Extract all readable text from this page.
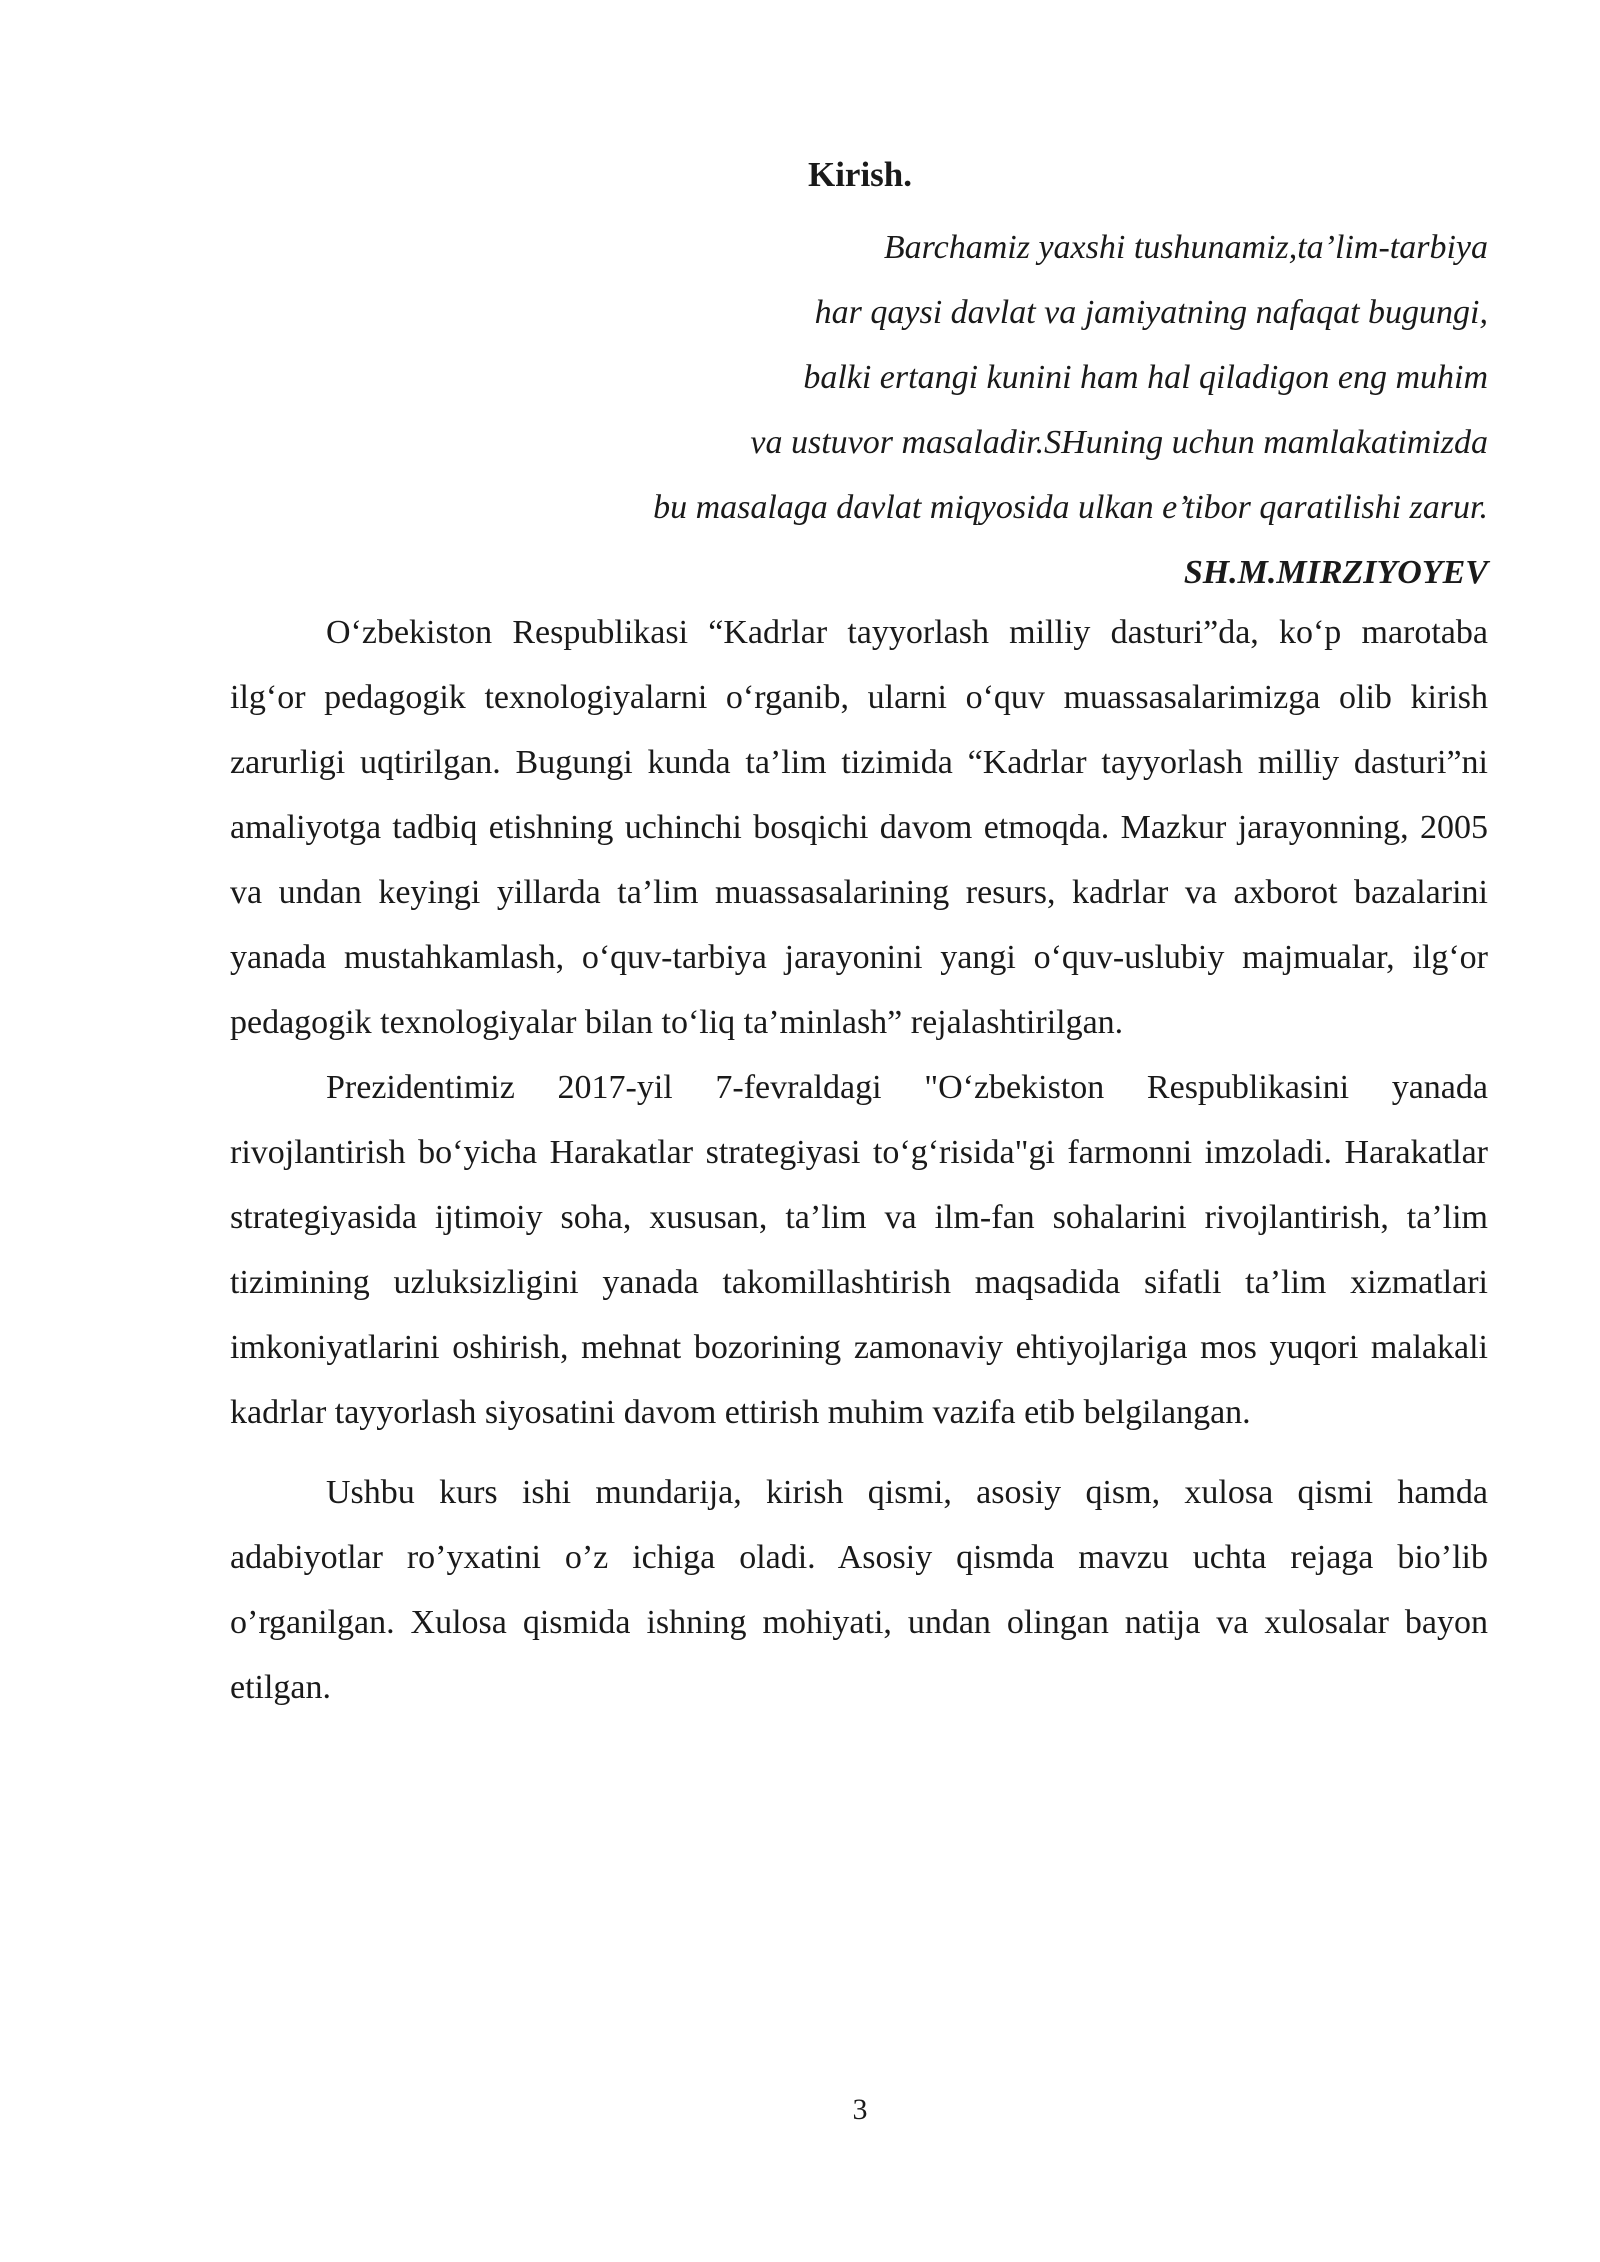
Kirish.
Barchamiz yaxshi tushunamiz,ta’lim-tarbiya
har qaysi davlat va jamiyatning nafaqat bugungi,
balki ertangi kunini ham hal qiladigon eng muhim
va ustuvor masaladir.SHuning uchun mamlakatimizda
bu masalaga davlat miqyosida ulkan e’tibor qaratilishi zarur.
SH.M.MIRZIYOYEV

O‘zbekiston Respublikasi “Kadrlar tayyorlash milliy dasturi”da, ko‘p marotaba ilg‘or pedagogik texnologiyalarni o‘rganib, ularni o‘quv muassasalarimizga olib kirish zarurligi uqtirilgan. Bugungi kunda ta’lim tizimida “Kadrlar tayyorlash milliy dasturi”ni amaliyotga tadbiq etishning uchinchi bosqichi davom etmoqda. Mazkur jarayonning, 2005 va undan keyingi yillarda ta’lim muassasalarining resurs, kadrlar va axborot bazalarini yanada mustahkamlash, o‘quv-tarbiya jarayonini yangi o‘quv-uslubiy majmualar, ilg‘or pedagogik texnologiyalar bilan to‘liq ta’minlash” rejalashtirilgan.

Prezidentimiz 2017-yil 7-fevraldagi "O‘zbekiston Respublikasini yanada rivojlantirish bo‘yicha Harakatlar strategiyasi to‘g‘risida"gi farmonni imzoladi. Harakatlar strategiyasida ijtimoiy soha, xususan, ta’lim va ilm-fan sohalarini rivojlantirish, ta’lim tizimining uzluksizligini yanada takomillashtirish maqsadida sifatli ta’lim xizmatlari imkoniyatlarini oshirish, mehnat bozorining zamonaviy ehtiyojlariga mos yuqori malakali kadrlar tayyorlash siyosatini davom ettirish muhim vazifa etib belgilangan.

Ushbu kurs ishi mundarija, kirish qismi, asosiy qism, xulosa qismi hamda adabiyotlar ro’yxatini o’z ichiga oladi. Asosiy qismda mavzu uchta rejaga bio’lib o’rganilgan. Xulosa qismida ishning mohiyati, undan olingan natija va xulosalar bayon etilgan.

3
